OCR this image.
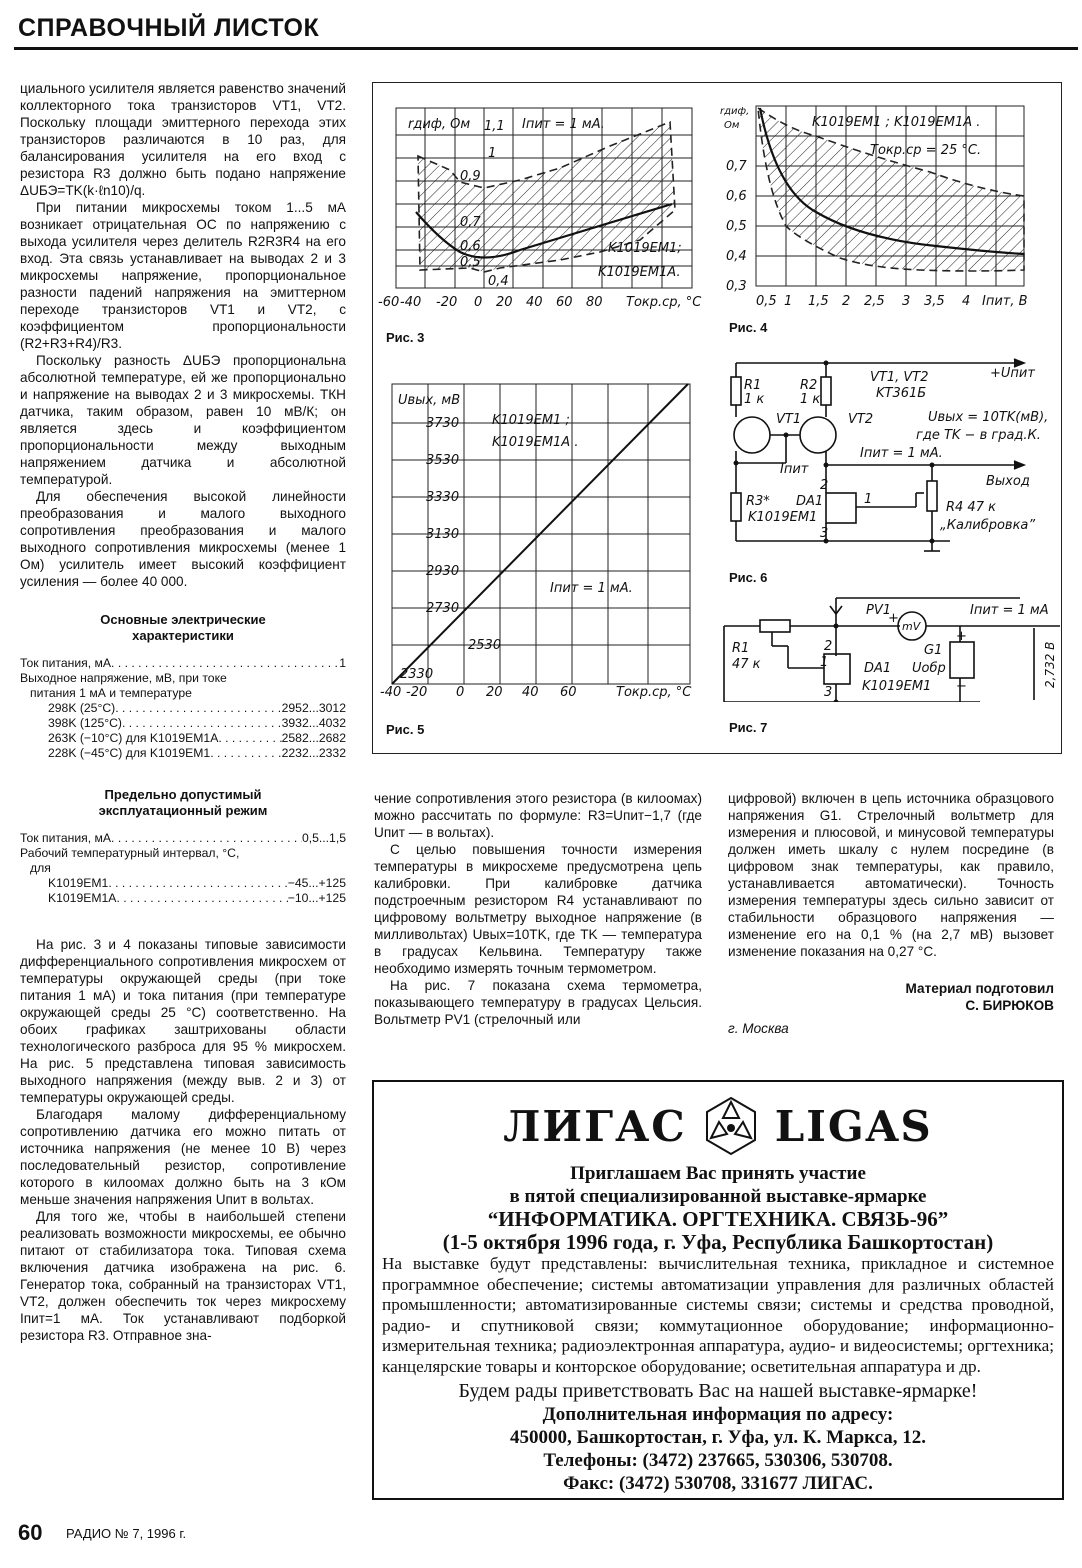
СПРАВОЧНЫЙ ЛИСТОК

циального усилителя является равенство значений коллекторного тока транзисторов VT1, VT2. Поскольку площади эмиттерного перехода этих транзисторов различаются в 10 раз, для балансирования усилителя на его вход с резистора R3 должно быть подано напряжение ΔUБЭ=TK(k·ℓn10)/q.

При питании микросхемы током 1...5 мА возникает отрицательная ОС по напряжению с выхода усилителя через делитель R2R3R4 на его вход. Эта связь устанавливает на выводах 2 и 3 микросхемы напряжение, пропорциональное разности падений напряжения на эмиттерном переходе транзисторов VT1 и VT2, с коэффициентом пропорциональности (R2+R3+R4)/R3.

Поскольку разность ΔUБЭ пропорциональна абсолютной температуре, ей же пропорционально и напряжение на выводах 2 и 3 микросхемы. ТКН датчика, таким образом, равен 10 мВ/К; он является здесь и коэффициентом пропорциональности между выходным напряжением датчика и абсолютной температурой.

Для обеспечения высокой линейности преобразования и малого выходного сопротивления преобразования и малого выходного сопротивления микросхемы (менее 1 Ом) усилитель имеет высокий коэффициент усиления — более 40 000.

Основные электрические характеристики
Ток питания, мА . . .	1
Выходное напряжение, мВ, при токе
питания 1 мА и температуре
298K (25°C) . . .	2952...3012
398K (125°C) . . .	3932...4032
263K (−10°C) для K1019EM1A . . .	2582...2682
228K (−45°C) для K1019EM1 . . .	2232...2332
Предельно допустимый эксплуатационный режим
Ток питания, мА . . .	0,5...1,5
Рабочий температурный интервал, °C,
для
K1019EM1 . . .	−45...+125
K1019EM1A . . .	−10...+125

На рис. 3 и 4 показаны типовые зависимости дифференциального сопротивления микросхем от температуры окружающей среды (при токе питания 1 мА) и тока питания (при температуре окружающей среды 25 °С) соответственно. На обоих графиках заштрихованы области технологического разброса для 95 % микросхем. На рис. 5 представлена типовая зависимость выходного напряжения (между выв. 2 и 3) от температуры окружающей среды.

Благодаря малому дифференциальному сопротивлению датчика его можно питать от источника напряжения (не менее 10 В) через последовательный резистор, сопротивление которого в килоомах должно быть на 3 кОм меньше значения напряжения Uпит в вольтах.

Для того же, чтобы в наибольшей степени реализовать возможности микросхемы, ее обычно питают от стабилизатора тока. Типовая схема включения датчика изображена на рис. 6. Генератор тока, собранный на транзисторах VT1, VT2, должен обеспечить ток через микросхему Iпит=1 мА. Ток устанавливают подборкой резистора R3. Отправное зна-

rдиф, Ом	Iпит = 1 мА.
1,1
1
0,9
0,7
0,6
0,5
0,4
K1019EM1;
K1019EM1A.
-60 -40 -20 0 20 40 60 80 Tокр.ср, °C
Рис. 3
rдиф,
Ом	K1019EM1 ; K1019EM1A .
Tокр.ср = 25 °C.
0,7
0,6
0,5
0,4
0,3
0,5 1 1,5 2 2,5 3 3,5 4 Iпит, В
Рис. 4
Uвых, мВ
K1019EM1 ;
K1019EM1A .
Iпит = 1 мА.
3730
3530
3330
3130
2930
2730
2530
2330
-40 -20 0 20 40 60	Tокр.ср, °C
Рис. 5
R1
1 к
R2
1 к
VT1	VT2
VT1, VT2
KT361Б
+Uпит
Uвых = 10TK(мВ),
где TK − в град.К.
Iпит = 1 мА.
Iпит
Выход
R3* DA1
K1019EM1
R4 47 к
„Калибровка”
1
2
3
Рис. 6
PV1
mV
Iпит = 1 мА
R1
47 к	DA1
K1019EM1
G1
Uобр	2,732 В
1
2
3
+
+
−
Рис. 7

чение сопротивления этого резистора (в килоомах) можно рассчитать по формуле: R3=Uпит−1,7 (где Uпит — в вольтах).

С целью повышения точности измерения температуры в микросхеме предусмотрена цепь калибровки. При калибровке датчика подстроечным резистором R4 устанавливают по цифровому вольтметру выходное напряжение (в милливольтах) Uвых=10TK, где TK — температура в градусах Кельвина. Температуру также необходимо измерять точным термометром.

На рис. 7 показана схема термометра, показывающего температуру в градусах Цельсия. Вольтметр PV1 (стрелочный или

цифровой) включен в цепь источника образцового напряжения G1. Стрелочный вольтметр для измерения и плюсовой, и минусовой температуры должен иметь шкалу с нулем посредине (в цифровом знак температуры, как правило, устанавливается автоматически). Точность измерения температуры здесь сильно зависит от стабильности образцового напряжения — изменение его на 0,1 % (на 2,7 мВ) вызовет изменение показания на 0,27 °С.

Материал подготовил
С. БИРЮКОВ
г. Москва
ЛИГАС LIGAS
Приглашаем Вас принять участие
в пятой специализированной выставке-ярмарке
“ИНФОРМАТИКА. ОРГТЕХНИКА. СВЯЗЬ-96”
(1-5 октября 1996 года, г. Уфа, Республика Башкортостан)
На выставке будут представлены: вычислительная техника, прикладное и системное программное обеспечение; системы автоматизации управления для различных областей промышленности; автоматизированные системы связи; системы и средства проводной, радио- и спутниковой связи; коммутационное оборудование; информационно-измерительная техника; радиоэлектронная аппаратура, аудио- и видеосистемы; оргтехника; канцелярские товары и конторское оборудование; осветительная аппаратура и др.
Будем рады приветствовать Вас на нашей выставке-ярмарке!
Дополнительная информация по адресу:
450000, Башкортостан, г. Уфа, ул. К. Маркса, 12.
Телефоны: (3472) 237665, 530306, 530708.
Факс: (3472) 530708, 331677 ЛИГАС.
60 РАДИО № 7, 1996 г.
